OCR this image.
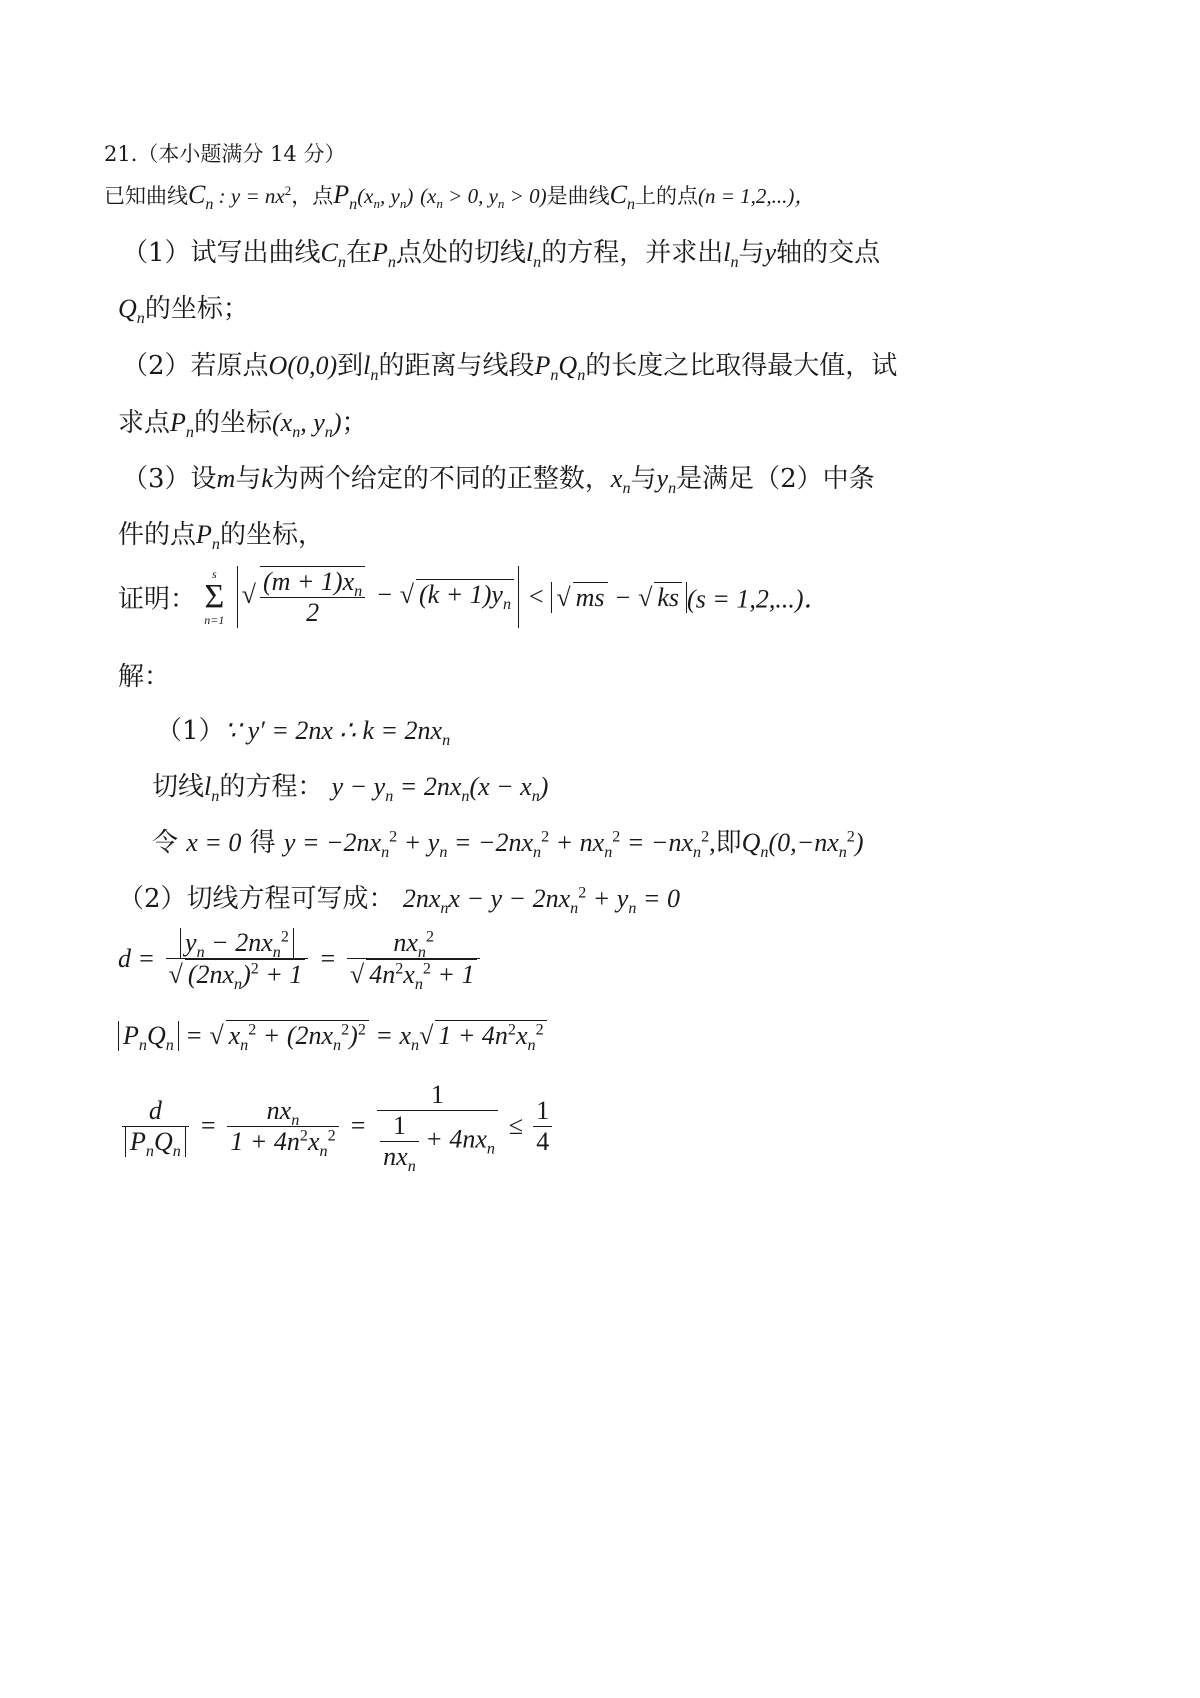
21.（本小题满分 14 分）
已知曲线$C_n$ : $y = nx^2$，点$P_n(x_n$, $y_n$) ($x_n > 0$, $y_n > 0$)是曲线$C_n$上的点(n = 1,2,...)，
（1）试写出曲线$C_n$在$P_n$点处的切线$l_n$的方程，并求出$l_n$与y轴的交点
$Q_n$的坐标；
（2）若原点O(0,0)到$l_n$的距离与线段$P_nQ_n$的长度之比取得最大值，试
求点$P_n$的坐标($x_n$, $y_n$)；
（3）设m与k为两个给定的不同的正整数，$x_n$与$y_n$是满足（2）中条
件的点$P_n$的坐标，
证明：
s
Σ
n=1
√ $\frac{(m + 1)x_n}{2}$ − √ $(k + 1)y_n$ < √ ms − √ ks (s = 1,2,...)．
解：
（1）∵ y′ = 2nx ∴ $k = 2nx_n$
切线$l_n$的方程： $y - y_n = 2nx_n(x - x_n)$
令 x = 0 得 $y = -2nx_n^2 + y_n = -2nx_n^2 + nx_n^2 = -nx_n^2$,即$Q_n(0,-nx_n^2)$
（2）切线方程可写成： $2nx_nx - y - 2nx_n^2 + y_n = 0$
$d = \frac{y_n - 2nx_n^2}{√ (2nx_n)^2 + 1} = \frac{nx_n^2}{√ 4n^2x_n^2 + 1}$
$P_nQ_n$ = √ $x_n^2 + (2nx_n^2)^2 = x_n√$ $1 + 4n^2x_n^2$
$\frac{d}{P_nQ_n} = \frac{nx_n}{1 + 4n^2x_n^2} = \frac{1}{\frac{1}{nx_n} + 4nx_n} \le \frac{1}{4}$
